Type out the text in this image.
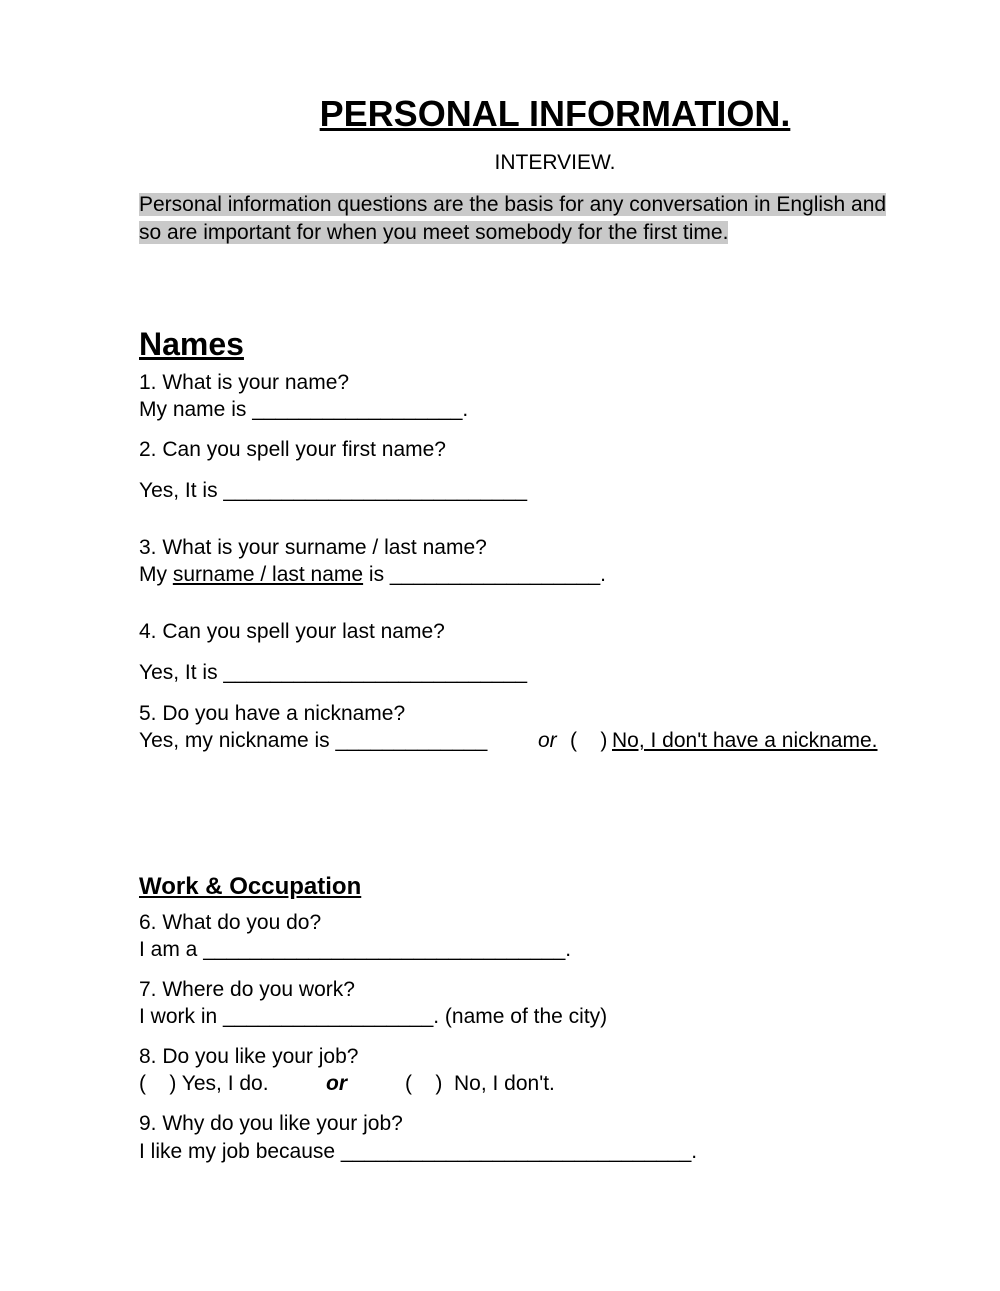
PERSONAL INFORMATION.
INTERVIEW.
Personal information questions are the basis for any conversation in English and
so are important for when you meet somebody for the first time.
Names
1. What is your name?
My name is __________________.
2. Can you spell your first name?
Yes, It is __________________________
3. What is your surname / last name?
My surname / last name is __________________.
4. Can you spell your last name?
Yes, It is __________________________
5. Do you have a nickname?
Yes, my nickname is _____________ or (    ) No, I don't have a nickname.
Work & Occupation
6. What do you do?
I am a _______________________________.
7. Where do you work?
I work in __________________. (name of the city)
8. Do you like your job?
(    ) Yes, I do.	or	(    )  No, I don't.
9. Why do you like your job?
I like my job because ______________________________.
